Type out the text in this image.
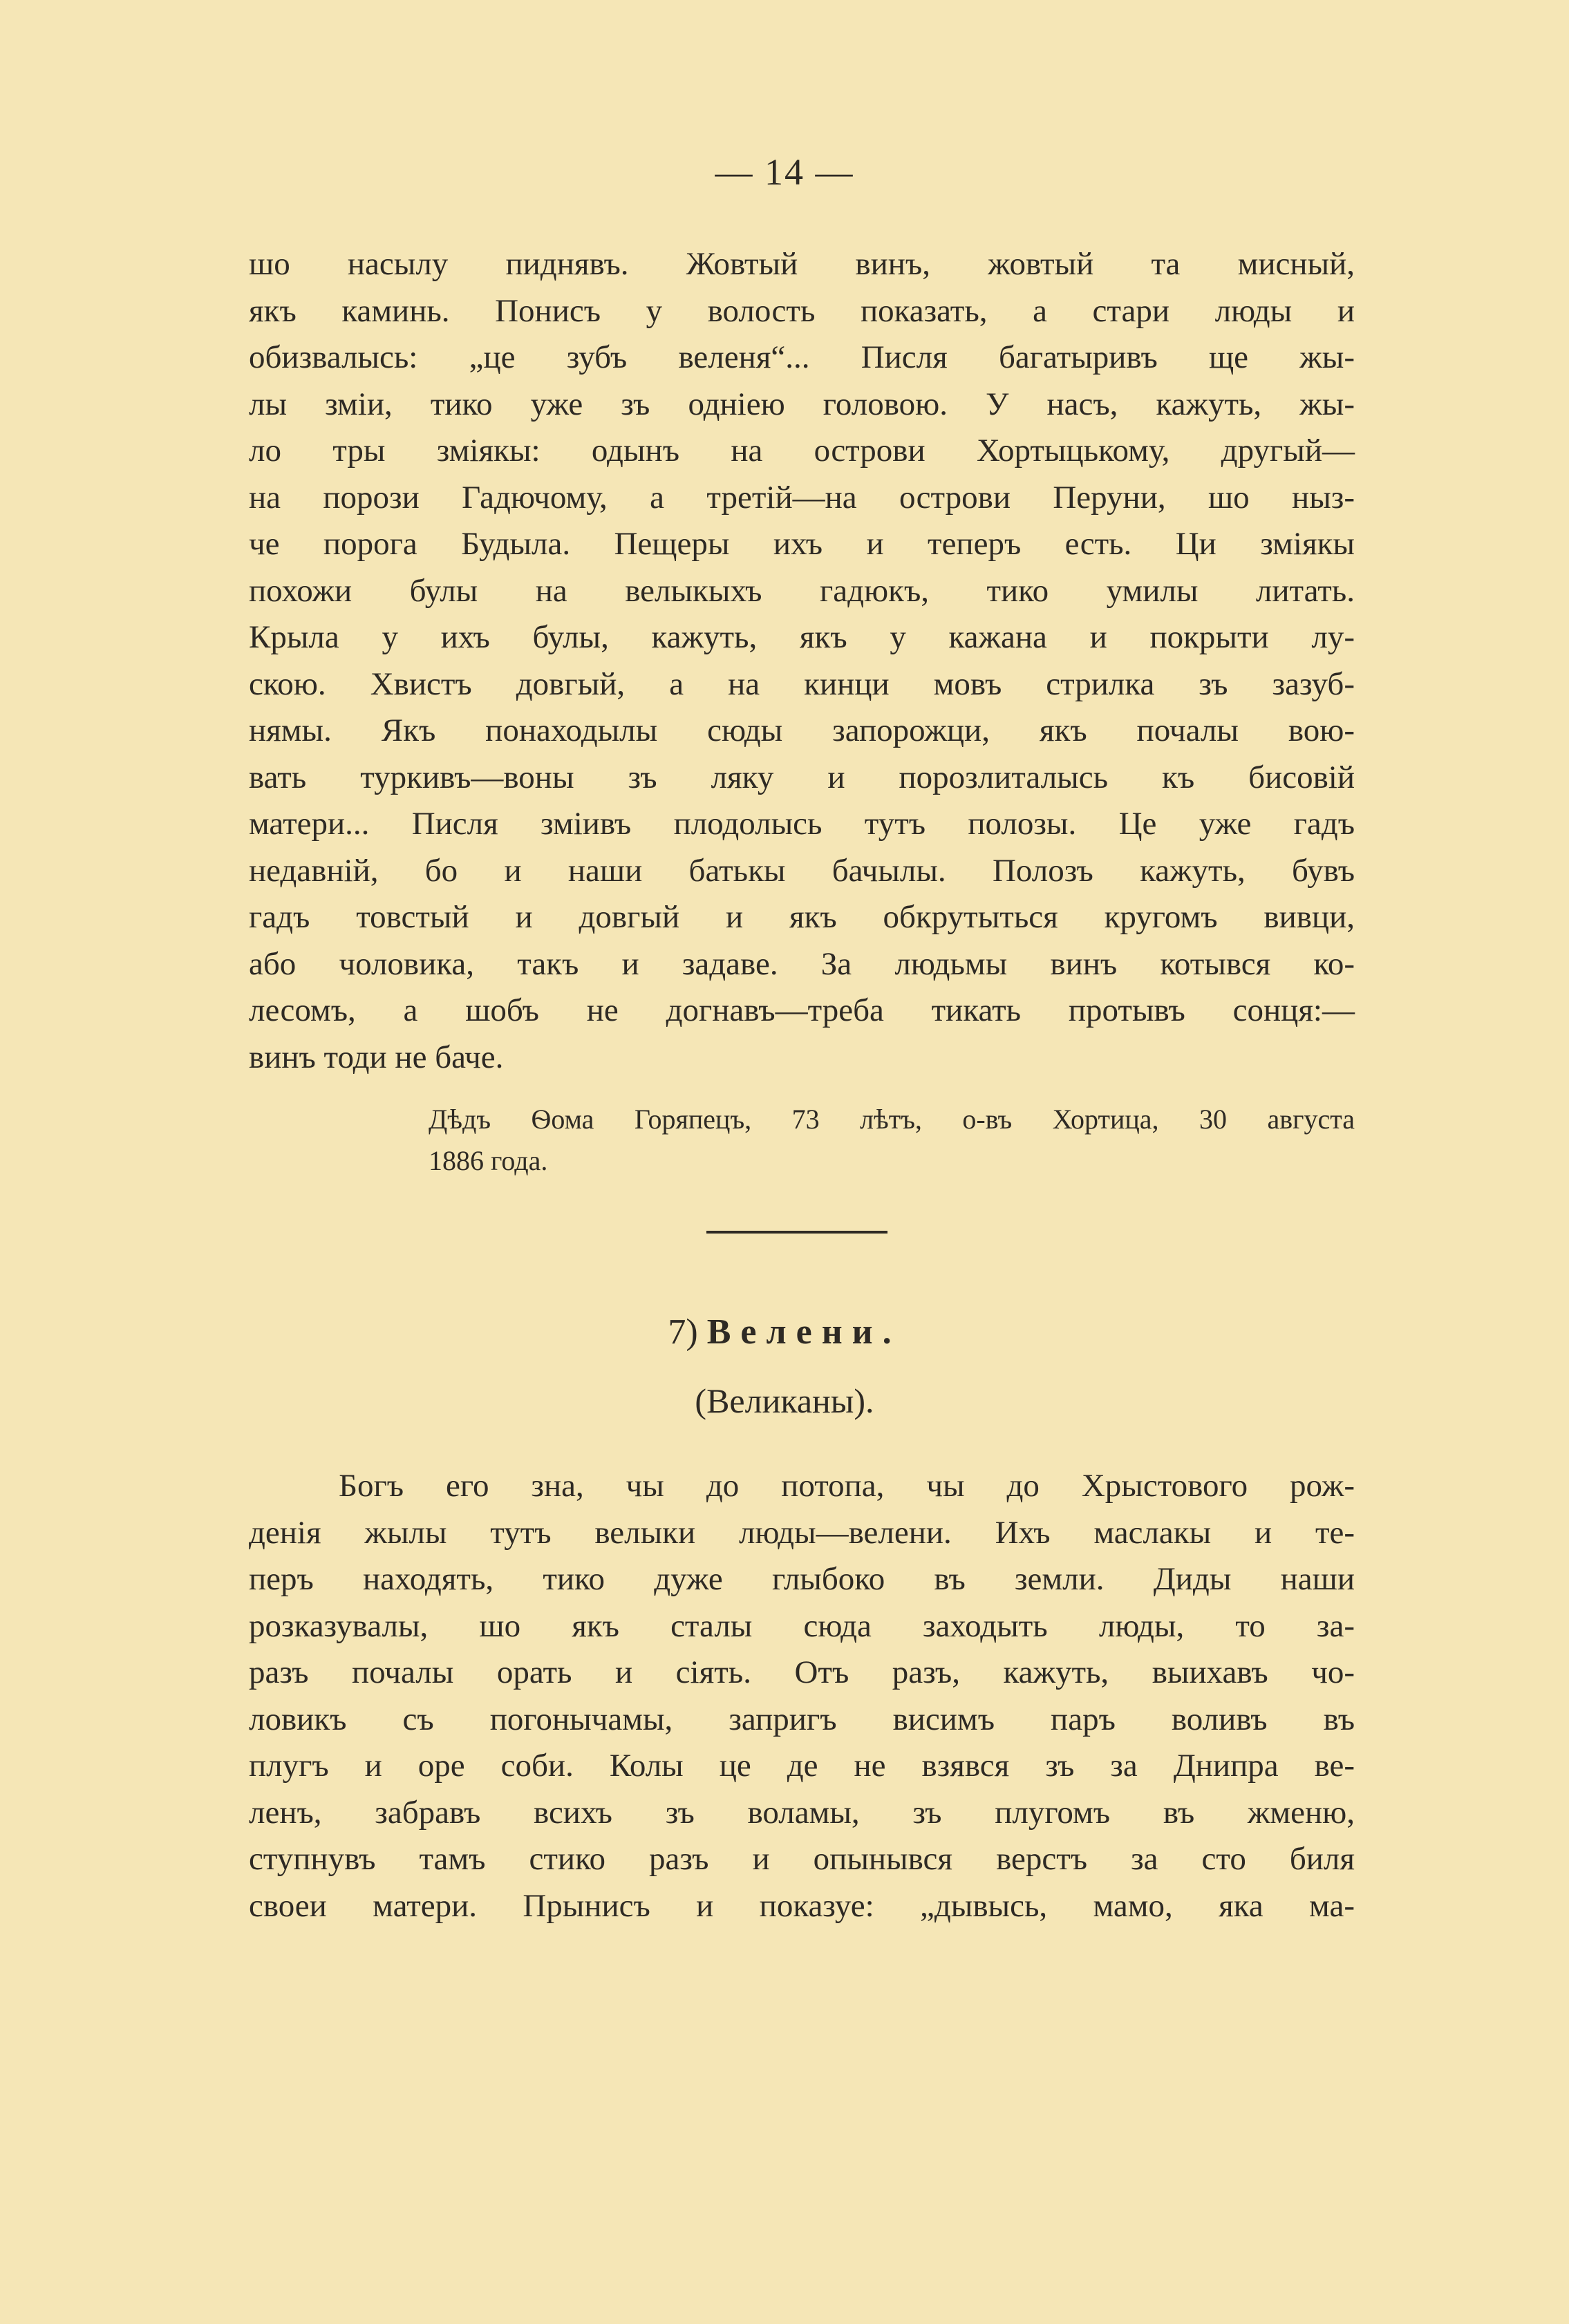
— 14 —
шо насылу пиднявъ. Жовтый винъ, жовтый та мисный,
якъ каминь. Понисъ у волость показать, а стари люды и
обизвалысь: „це зубъ веленя“... Писля багатыривъ ще жы-
лы зміи, тико уже зъ одніею головою. У насъ, кажуть, жы-
ло тры зміякы: одынъ на острови Хортыцькому, другый—
на порози Гадючому, а третій—на острови Перуни, шо ныз-
че порога Будыла. Пещеры ихъ и теперъ есть. Ци зміякы
похожи булы на велыкыхъ гадюкъ, тико умилы литать.
Крыла у ихъ булы, кажуть, якъ у кажана и покрыти лу-
скою. Хвистъ довгый, а на кинци мовъ стрилка зъ зазуб-
нямы. Якъ понаходылы сюды запорожци, якъ почалы вою-
вать туркивъ—воны зъ ляку и порозлиталысь къ бисовій
матери... Писля зміивъ плодолысь тутъ полозы. Це уже гадъ
недавній, бо и наши батькы бачылы. Полозъ кажуть, бувъ
гадъ товстый и довгый и якъ обкрутыться кругомъ вивци,
або чоловика, такъ и задаве. За людьмы винъ котывся ко-
лесомъ, а шобъ не догнавъ—треба тикать протывъ сонця:—
винъ тоди не баче.
Дѣдъ Ѳома Горяпецъ, 73 лѣтъ, о-въ Хортица, 30 августа
1886 года.
7) Велени.
(Великаны).
Богъ его зна, чы до потопа, чы до Хрыстового рож-
денія жылы тутъ велыки люды—велени. Ихъ маслакы и те-
перъ находять, тико дуже глыбоко въ земли. Диды наши
розказувалы, шо якъ сталы сюда заходыть люды, то за-
разъ почалы орать и сіять. Отъ разъ, кажуть, выихавъ чо-
ловикъ съ погонычамы, запригъ висимъ паръ воливъ въ
плугъ и оре соби. Колы це де не взявся зъ за Днипра ве-
ленъ, забравъ всихъ зъ воламы, зъ плугомъ въ жменю,
ступнувъ тамъ стико разъ и опынывся верстъ за сто биля
своеи матери. Прынисъ и показуе: „дывысь, мамо, яка ма-
